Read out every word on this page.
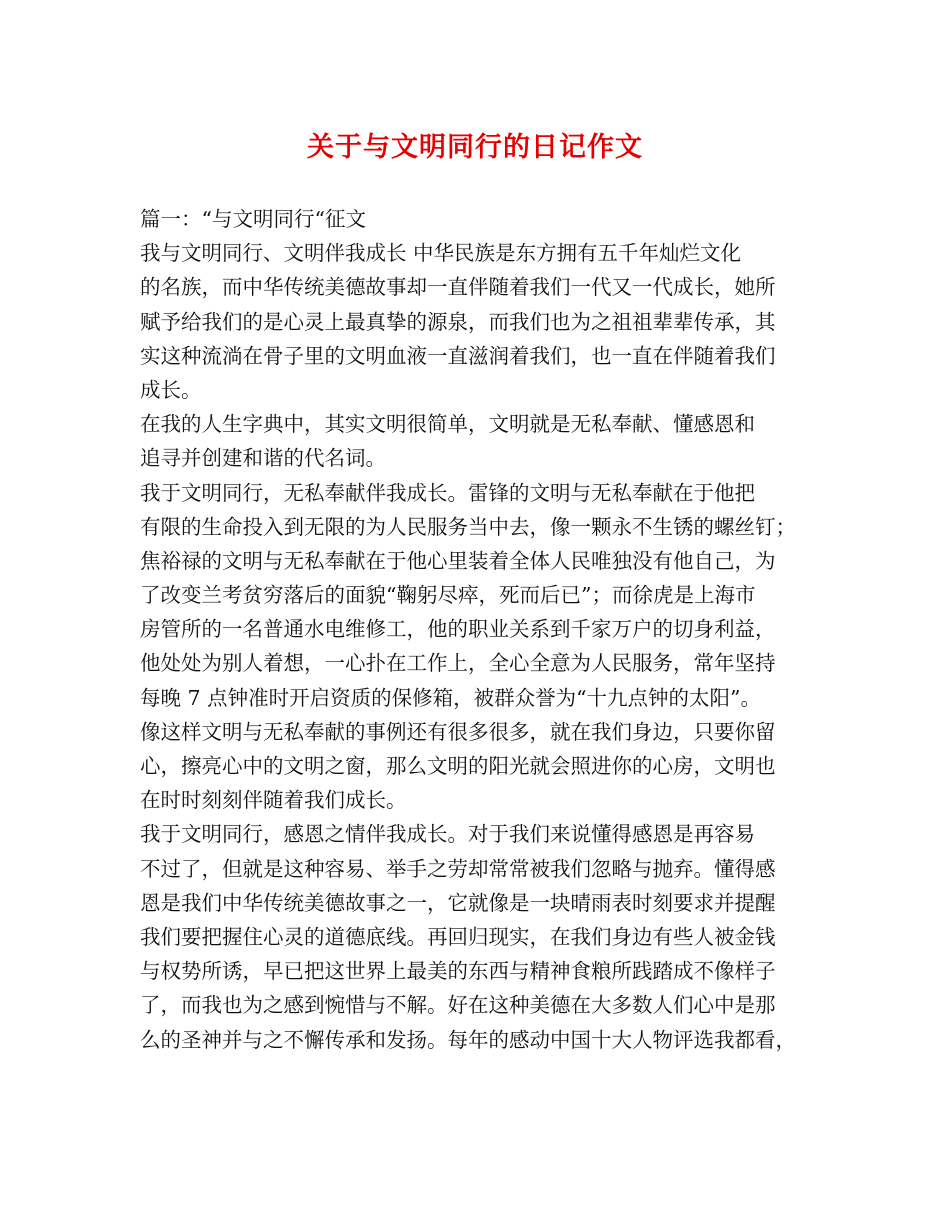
关于与文明同行的日记作文
篇一：“与文明同行“征文
我与文明同行、文明伴我成长 中华民族是东方拥有五千年灿烂文化
的名族，而中华传统美德故事却一直伴随着我们一代又一代成长，她所
赋予给我们的是心灵上最真挚的源泉，而我们也为之祖祖辈辈传承，其
实这种流淌在骨子里的文明血液一直滋润着我们，也一直在伴随着我们
成长。
在我的人生字典中，其实文明很简单，文明就是无私奉献、懂感恩和
追寻并创建和谐的代名词。
我于文明同行，无私奉献伴我成长。雷锋的文明与无私奉献在于他把
有限的生命投入到无限的为人民服务当中去，像一颗永不生锈的螺丝钉；
焦裕禄的文明与无私奉献在于他心里装着全体人民唯独没有他自己，为
了改变兰考贫穷落后的面貌“鞠躬尽瘁，死而后已”；而徐虎是上海市
房管所的一名普通水电维修工，他的职业关系到千家万户的切身利益，
他处处为别人着想，一心扑在工作上，全心全意为人民服务，常年坚持
每晚 7 点钟准时开启资质的保修箱，被群众誉为“十九点钟的太阳”。
像这样文明与无私奉献的事例还有很多很多，就在我们身边，只要你留
心，擦亮心中的文明之窗，那么文明的阳光就会照进你的心房，文明也
在时时刻刻伴随着我们成长。
我于文明同行，感恩之情伴我成长。对于我们来说懂得感恩是再容易
不过了，但就是这种容易、举手之劳却常常被我们忽略与抛弃。懂得感
恩是我们中华传统美德故事之一，它就像是一块晴雨表时刻要求并提醒
我们要把握住心灵的道德底线。再回归现实，在我们身边有些人被金钱
与权势所诱，早已把这世界上最美的东西与精神食粮所践踏成不像样子
了，而我也为之感到惋惜与不解。好在这种美德在大多数人们心中是那
么的圣神并与之不懈传承和发扬。每年的感动中国十大人物评选我都看，
